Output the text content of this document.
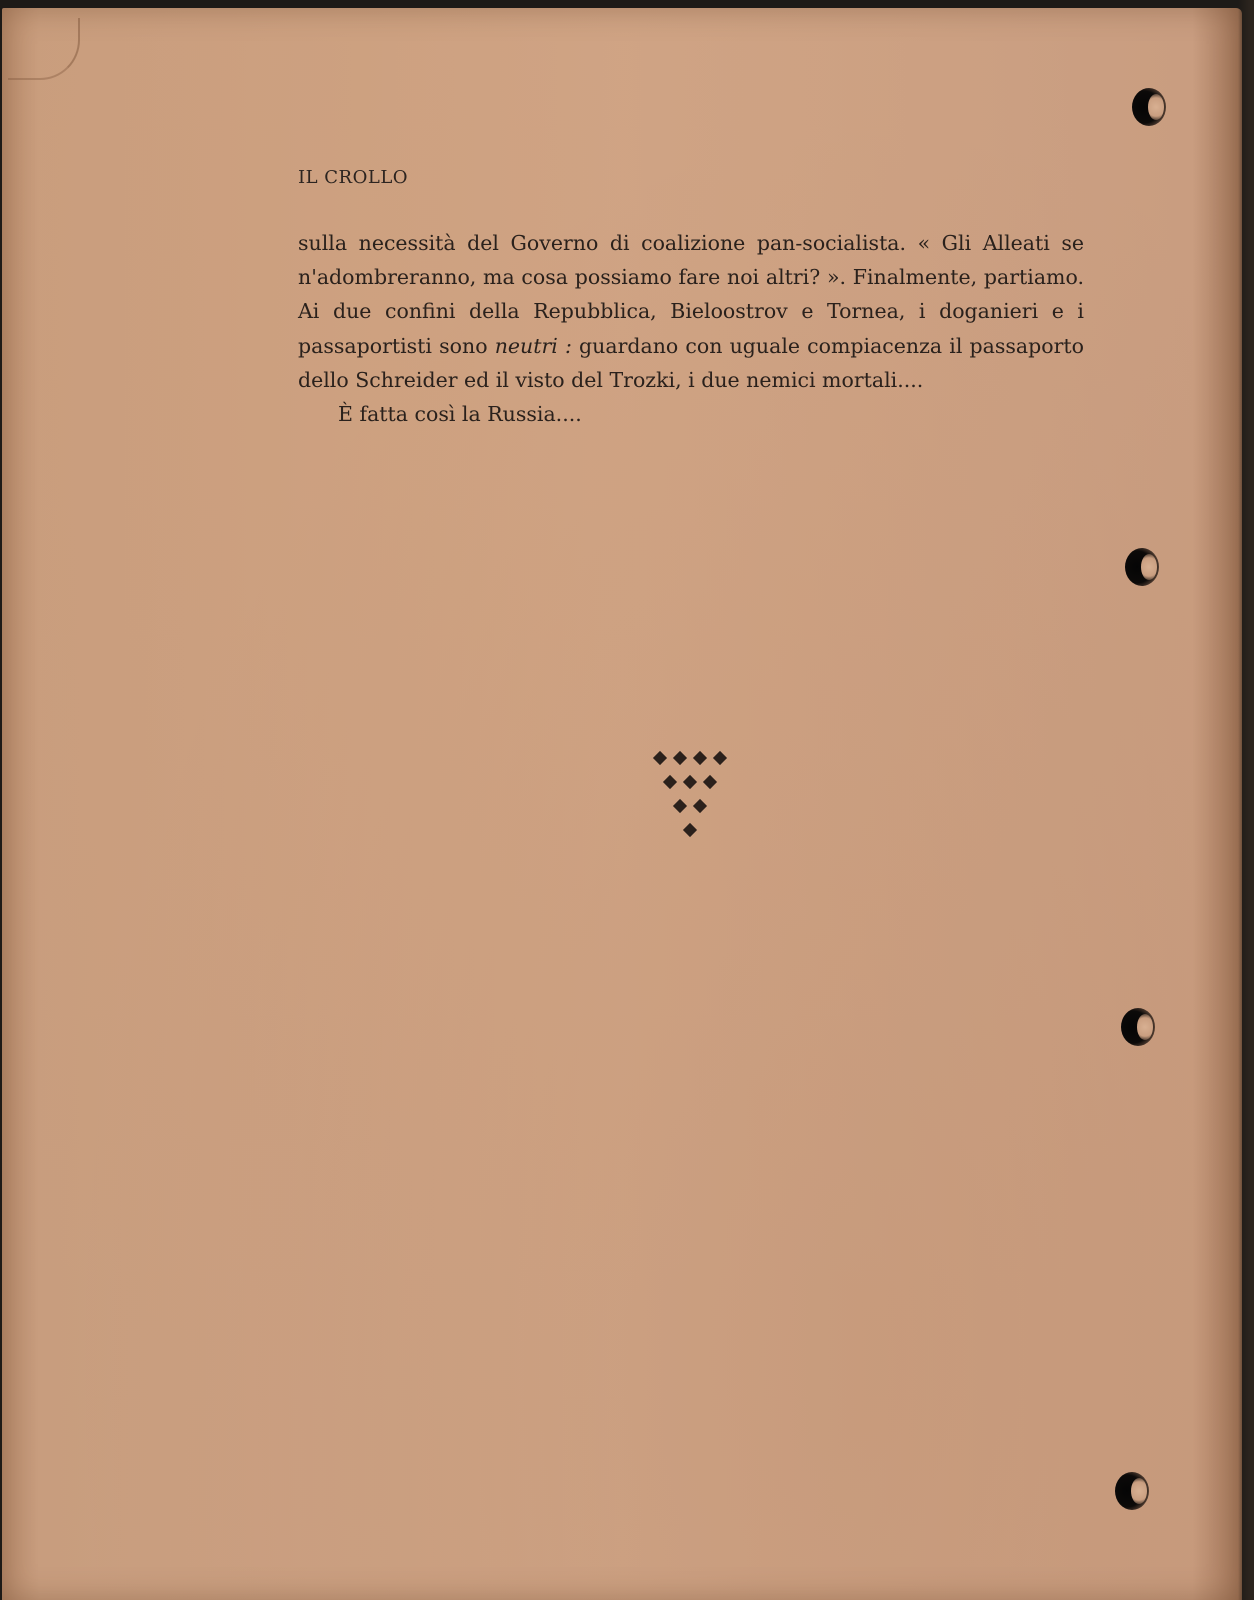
IL CROLLO

sulla necessità del Governo di coalizione pan-socialista. « Gli Alleati se n'adombreranno, ma cosa possiamo fare noi altri? ». Finalmente, partiamo. Ai due confini della Repubblica, Bieloostrov e Tornea, i doganieri e i passaportisti sono neutri : guardano con uguale compiacenza il passaporto dello Schreider ed il visto del Trozki, i due nemici mortali....

È fatta così la Russia....
